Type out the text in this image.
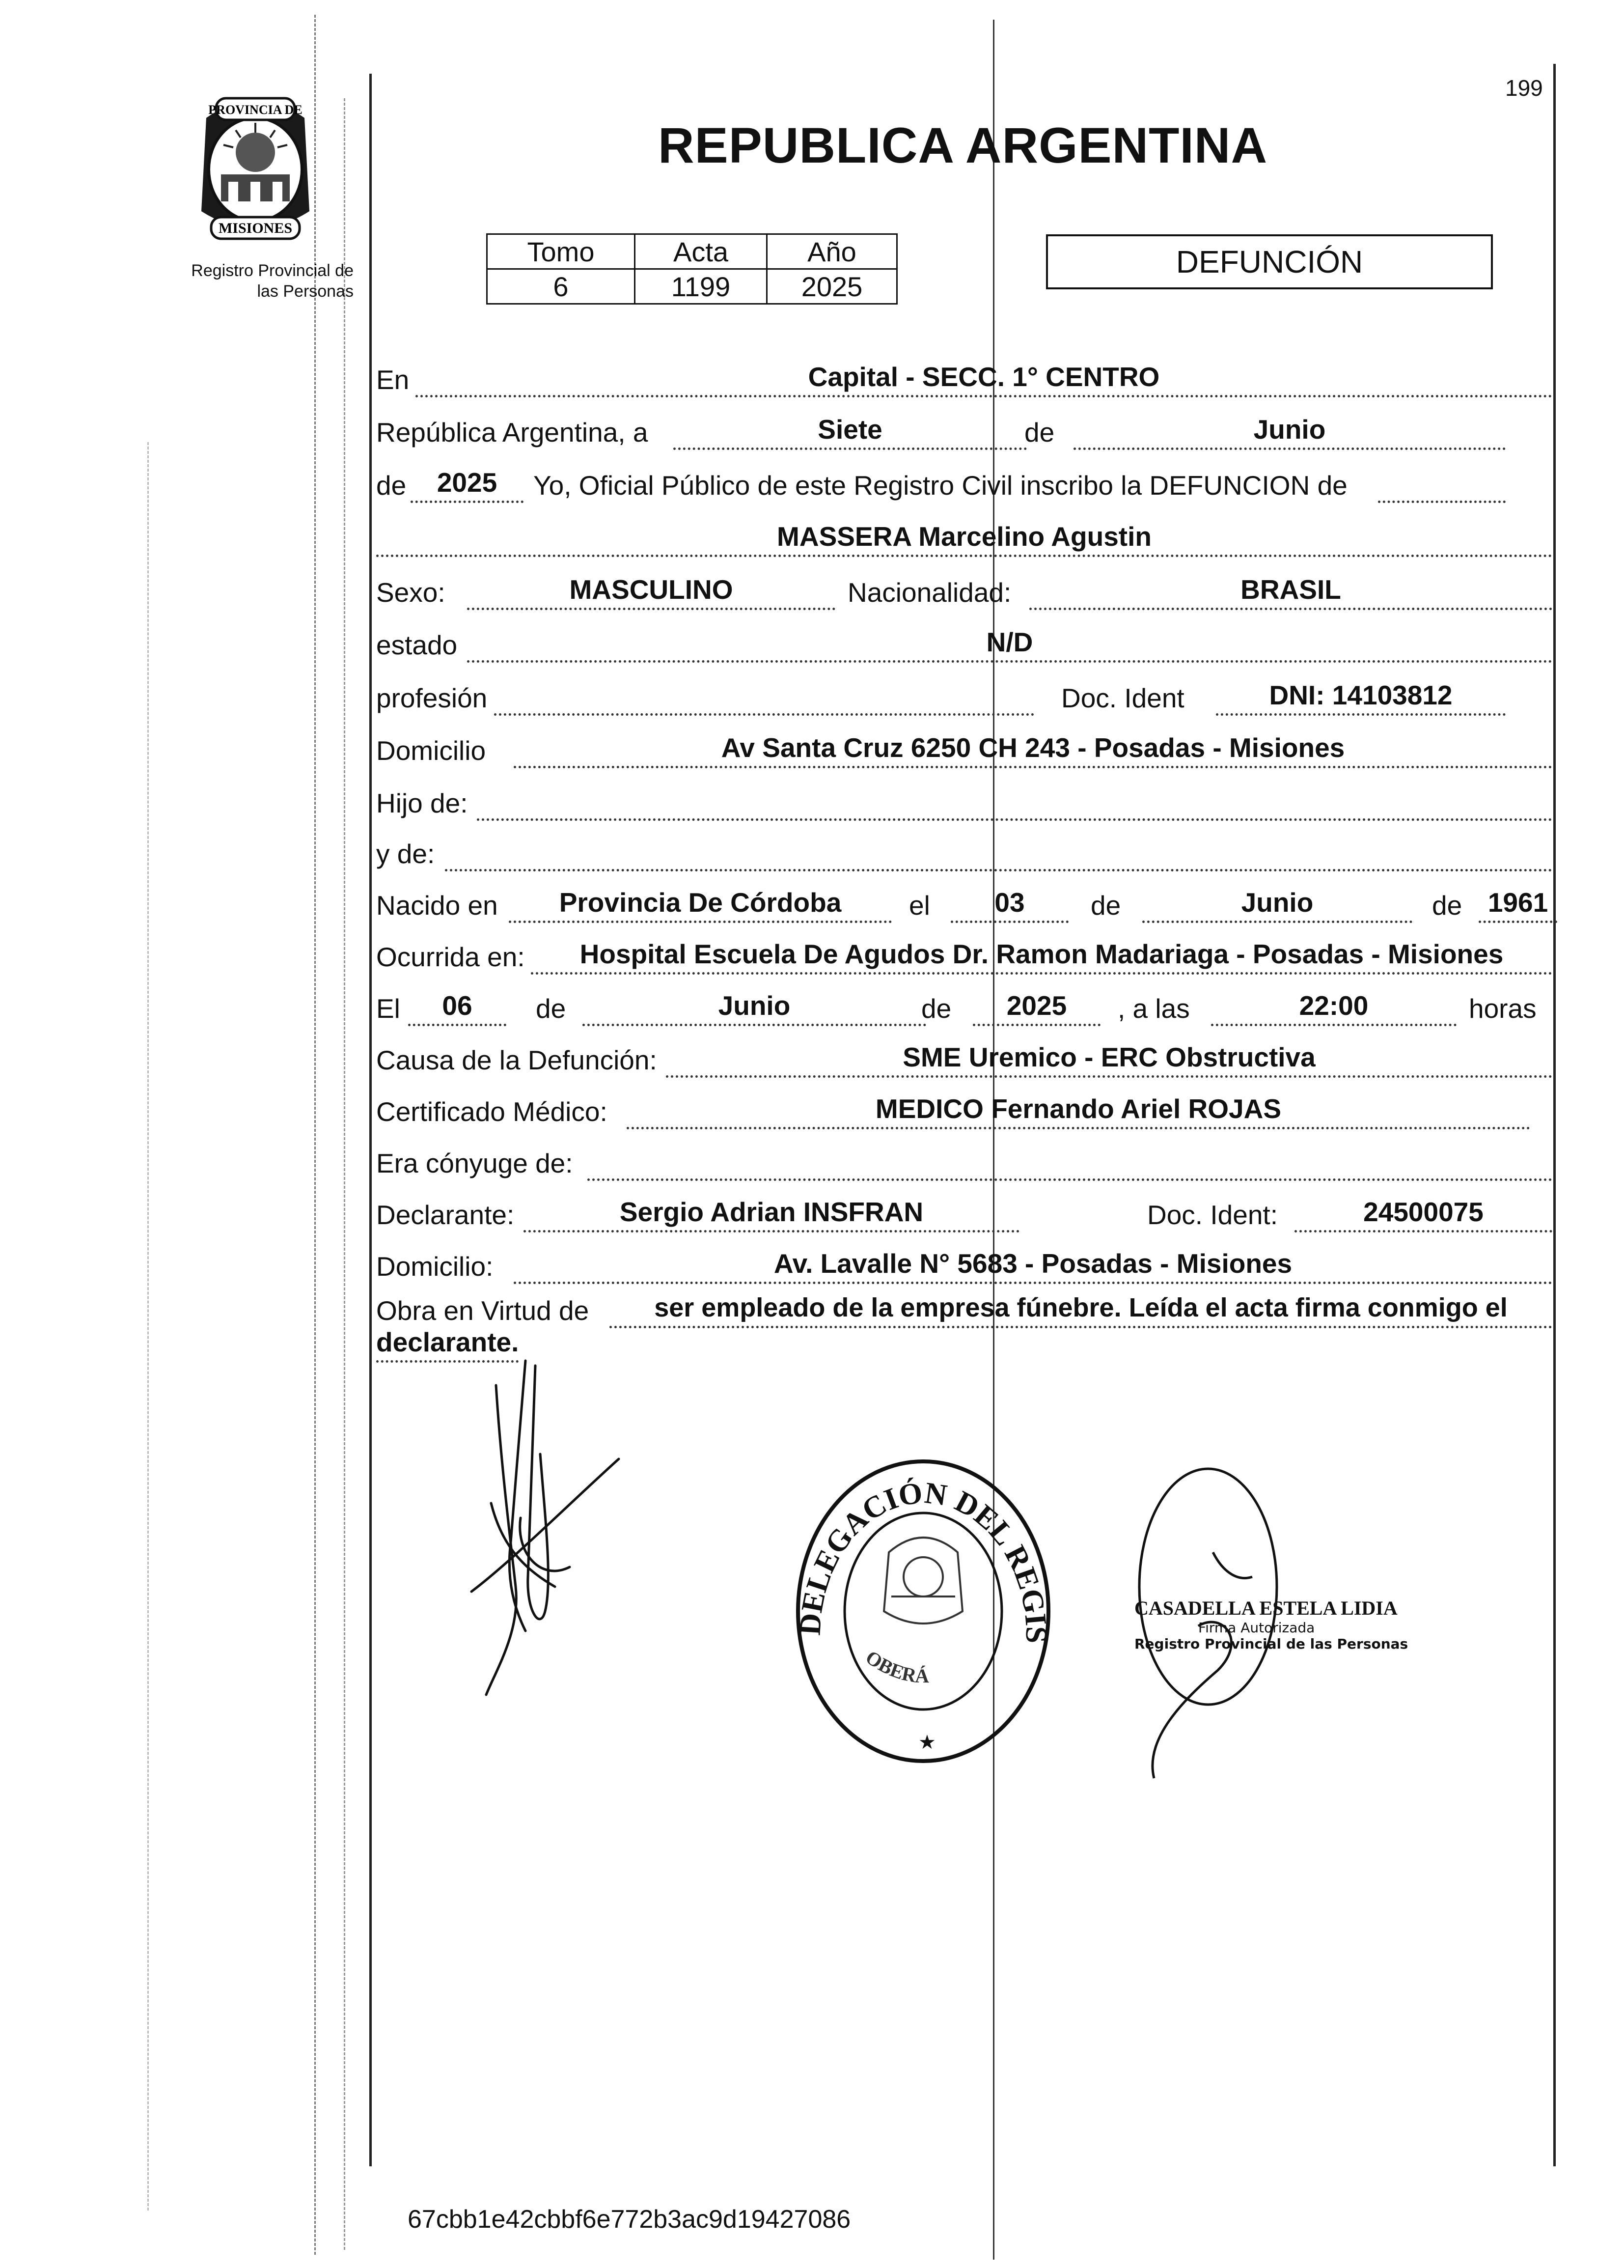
199
PROVINCIA DE
MISIONES
Registro Provincial de
las Personas
REPUBLICA ARGENTINA
Tomo	Acta	Año
6	1199	2025
DEFUNCIÓN
En	Capital - SECC. 1° CENTRO
República Argentina, a	Siete	de	Junio
de	2025	Yo, Oficial Público de este Registro Civil inscribo la DEFUNCION de
MASSERA Marcelino Agustin
Sexo:	MASCULINO	Nacionalidad:	BRASIL
estado	N/D
profesión	Doc. Ident	DNI: 14103812
Domicilio	Av Santa Cruz 6250 CH 243 - Posadas - Misiones
Hijo de:
y de:
Nacido en	Provincia De Córdoba	el	03	de	Junio	de 1961
Ocurrida en:	Hospital Escuela De Agudos Dr. Ramon Madariaga - Posadas - Misiones
El	06	de	Junio	de	2025	, a las	22:00	horas
Causa de la Defunción:	SME Uremico - ERC Obstructiva
Certificado Médico:	MEDICO Fernando Ariel ROJAS
Era cónyuge de:
Declarante:	Sergio Adrian INSFRAN	Doc. Ident:	24500075
Domicilio:	Av. Lavalle N° 5683 - Posadas - Misiones
Obra en Virtud de	ser empleado de la empresa fúnebre. Leída el acta firma conmigo el
declarante.
DELEGACIÓN DEL REGIS
OBERÁ
★
CASADELLA ESTELA LIDIA
Firma Autorizada
Registro Provincial de las Personas
67cbb1e42cbbf6e772b3ac9d19427086
